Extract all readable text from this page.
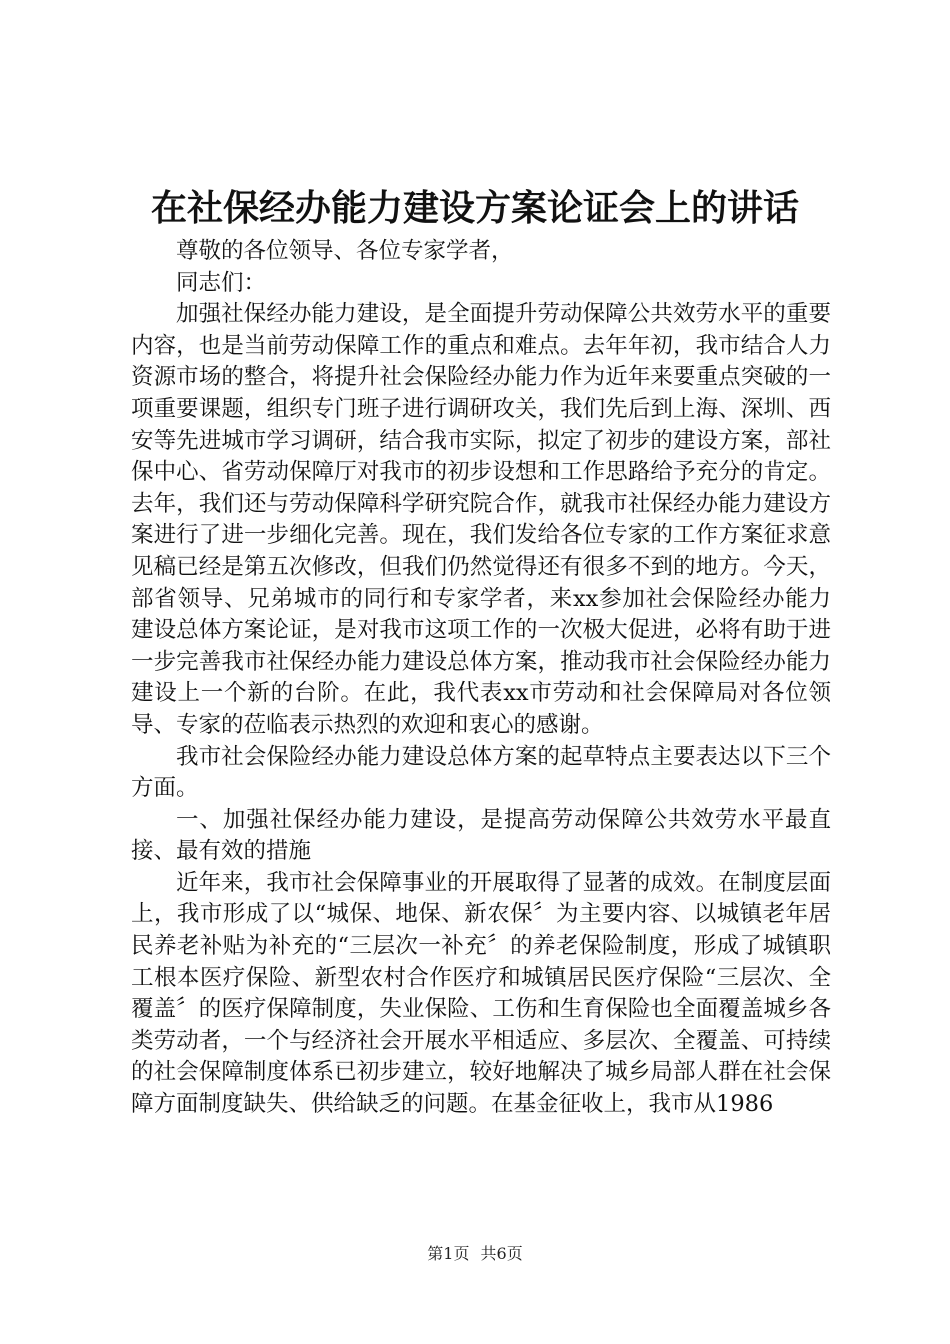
在社保经办能力建设方案论证会上的讲话

尊敬的各位领导、各位专家学者，

同志们：

加强社保经办能力建设，是全面提升劳动保障公共效劳水平的重要内容，也是当前劳动保障工作的重点和难点。去年年初，我市结合人力资源市场的整合，将提升社会保险经办能力作为近年来要重点突破的一项重要课题，组织专门班子进行调研攻关，我们先后到上海、深圳、西安等先进城市学习调研，结合我市实际，拟定了初步的建设方案，部社保中心、省劳动保障厅对我市的初步设想和工作思路给予充分的肯定。去年，我们还与劳动保障科学研究院合作，就我市社保经办能力建设方案进行了进一步细化完善。现在，我们发给各位专家的工作方案征求意见稿已经是第五次修改，但我们仍然觉得还有很多不到的地方。今天，部省领导、兄弟城市的同行和专家学者，来xx参加社会保险经办能力建设总体方案论证，是对我市这项工作的一次极大促进，必将有助于进一步完善我市社保经办能力建设总体方案，推动我市社会保险经办能力建设上一个新的台阶。在此，我代表xx市劳动和社会保障局对各位领导、专家的莅临表示热烈的欢迎和衷心的感谢。

我市社会保险经办能力建设总体方案的起草特点主要表达以下三个方面。

一、加强社保经办能力建设，是提高劳动保障公共效劳水平最直接、最有效的措施

近年来，我市社会保障事业的开展取得了显著的成效。在制度层面上，我市形成了以“城保、地保、新农保〞为主要内容、以城镇老年居民养老补贴为补充的“三层次一补充〞的养老保险制度，形成了城镇职工根本医疗保险、新型农村合作医疗和城镇居民医疗保险“三层次、全覆盖〞的医疗保障制度，失业保险、工伤和生育保险也全面覆盖城乡各类劳动者，一个与经济社会开展水平相适应、多层次、全覆盖、可持续的社会保障制度体系已初步建立，较好地解决了城乡局部人群在社会保障方面制度缺失、供给缺乏的问题。在基金征收上，我市从1986

第1页 共6页
